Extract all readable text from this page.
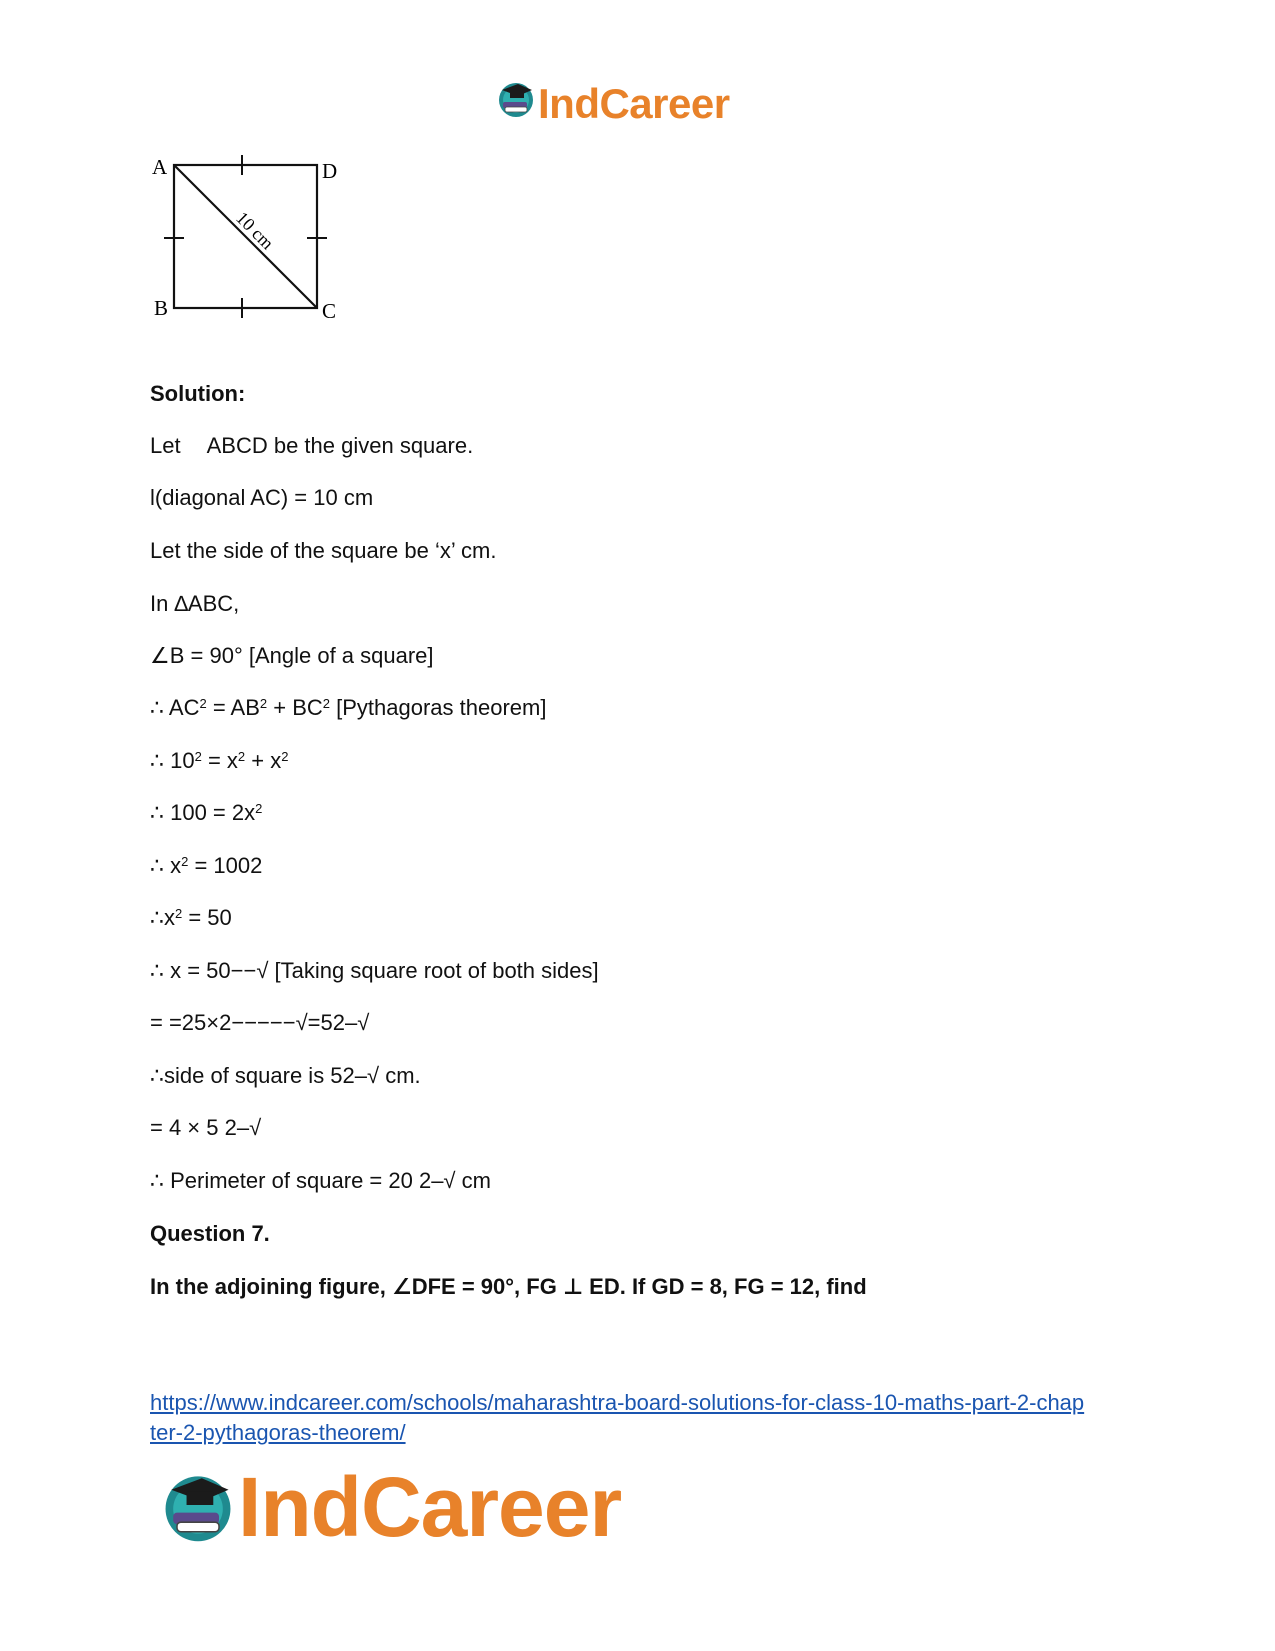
IndCareer
A	D
B	C
10 cm
Solution:
Let ABCD be the given square.
l(diagonal AC) = 10 cm
Let the side of the square be ‘x’ cm.
In ∆ABC,
∠B = 90° [Angle of a square]
∴ $AC^2 = AB^2 + BC^2$ [Pythagoras theorem]
∴ $10^2 = x^2 + x^2$
∴ $100 = 2x^2$
∴ $x^2 = 1002$
$\therefore x^2 = 50$
∴ x = 50−−√ [Taking square root of both sides]
= =25×2−−−−−√=52–√
∴side of square is 52–√ cm.
= 4 × 5 2–√
∴ Perimeter of square = 20 2–√ cm
Question 7.
In the adjoining figure, ∠DFE = 90°, FG ⊥ ED. If GD = 8, FG = 12, find
https://www.indcareer.com/schools/maharashtra-board-solutions-for-class-10-maths-part-2-chap
ter-2-pythagoras-theorem/
IndCareer
